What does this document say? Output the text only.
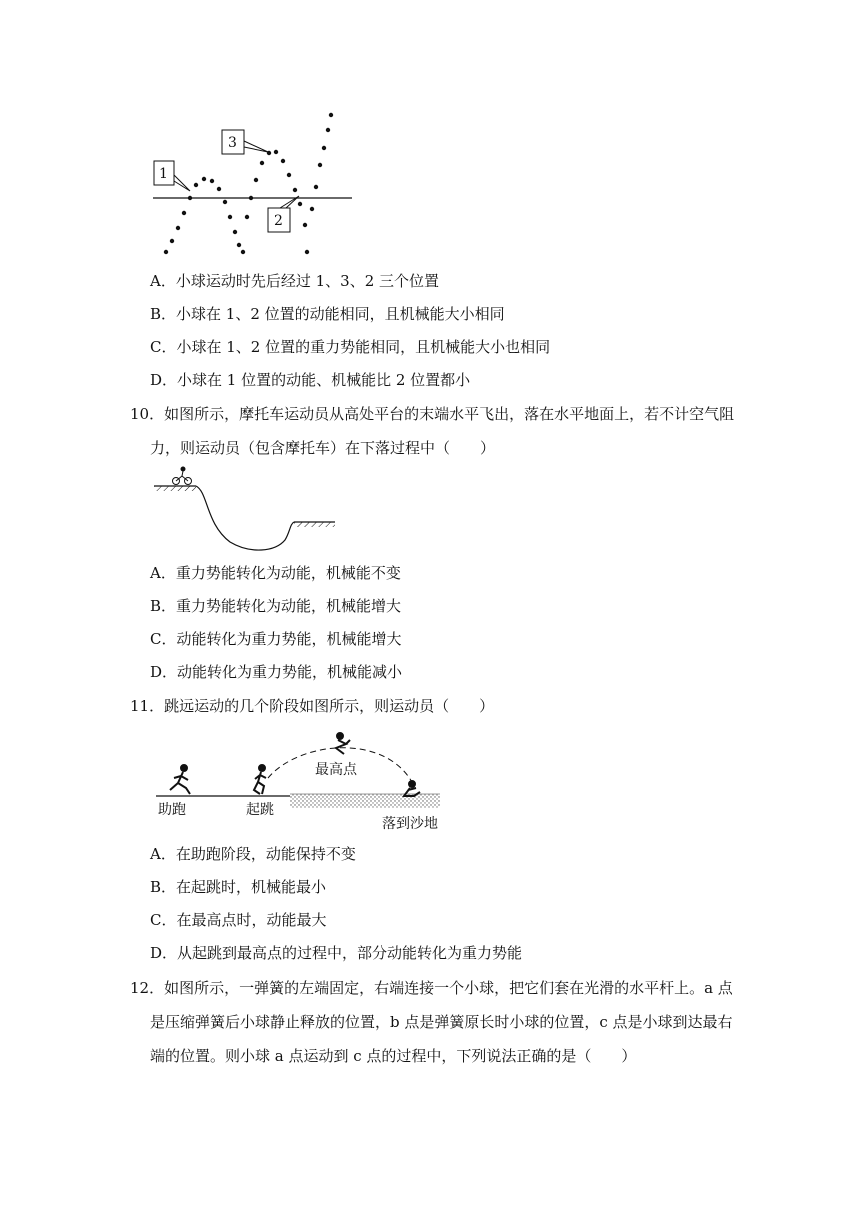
1
3
2
A．小球运动时先后经过 1、3、2 三个位置
B．小球在 1、2 位置的动能相同，且机械能大小相同
C．小球在 1、2 位置的重力势能相同，且机械能大小也相同
D．小球在 1 位置的动能、机械能比 2 位置都小
10．如图所示，摩托车运动员从高处平台的末端水平飞出，落在水平地面上，若不计空气阻
力，则运动员（包含摩托车）在下落过程中（　　）
A．重力势能转化为动能，机械能不变
B．重力势能转化为动能，机械能增大
C．动能转化为重力势能，机械能增大
D．动能转化为重力势能，机械能减小
11．跳远运动的几个阶段如图所示，则运动员（　　）
助跑	起跳
最高点
落到沙地
A．在助跑阶段，动能保持不变
B．在起跳时，机械能最小
C．在最高点时，动能最大
D．从起跳到最高点的过程中，部分动能转化为重力势能
12．如图所示，一弹簧的左端固定，右端连接一个小球，把它们套在光滑的水平杆上。a 点
是压缩弹簧后小球静止释放的位置，b 点是弹簧原长时小球的位置，c 点是小球到达最右
端的位置。则小球 a 点运动到 c 点的过程中，下列说法正确的是（　　）
